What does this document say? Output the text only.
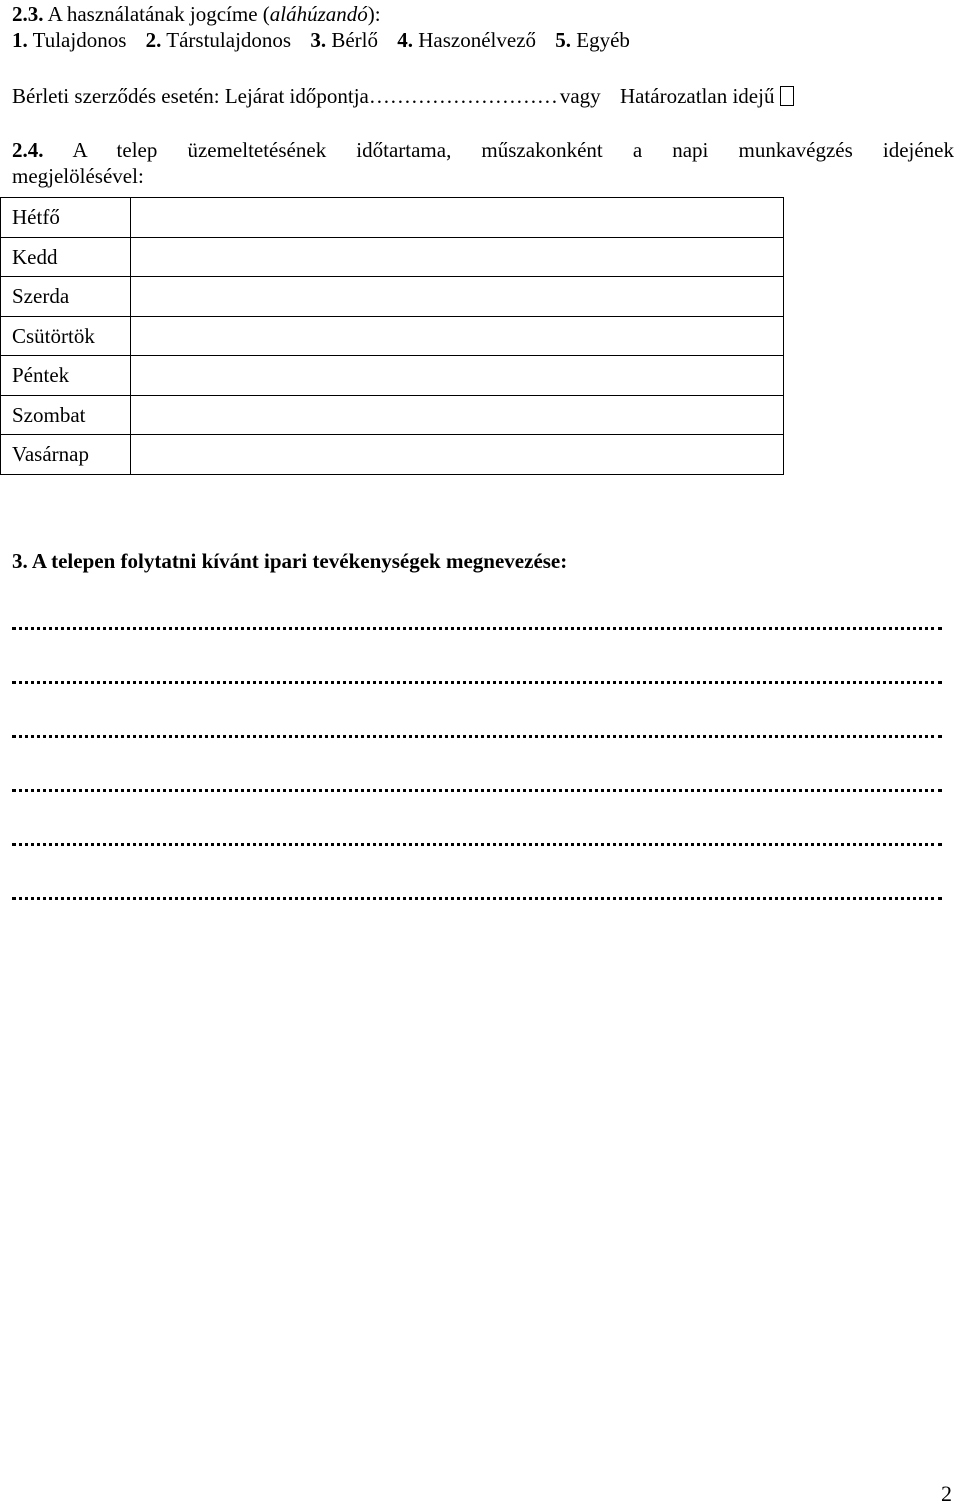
2.3. A használatának jogcíme (aláhúzandó):
1. Tulajdonos 2. Társtulajdonos 3. Bérlő 4. Haszonélvező 5. Egyéb
Bérleti szerződés esetén: Lejárat időpontja………………………vagy Határozatlan idejű
2.4. A telep üzemeltetésének időtartama, műszakonként a napi munkavégzés idejének
megjelölésével:
Hétfő	
Kedd	
Szerda	
Csütörtök	
Péntek	
Szombat	
Vasárnap	
3. A telepen folytatni kívánt ipari tevékenységek megnevezése:
2
